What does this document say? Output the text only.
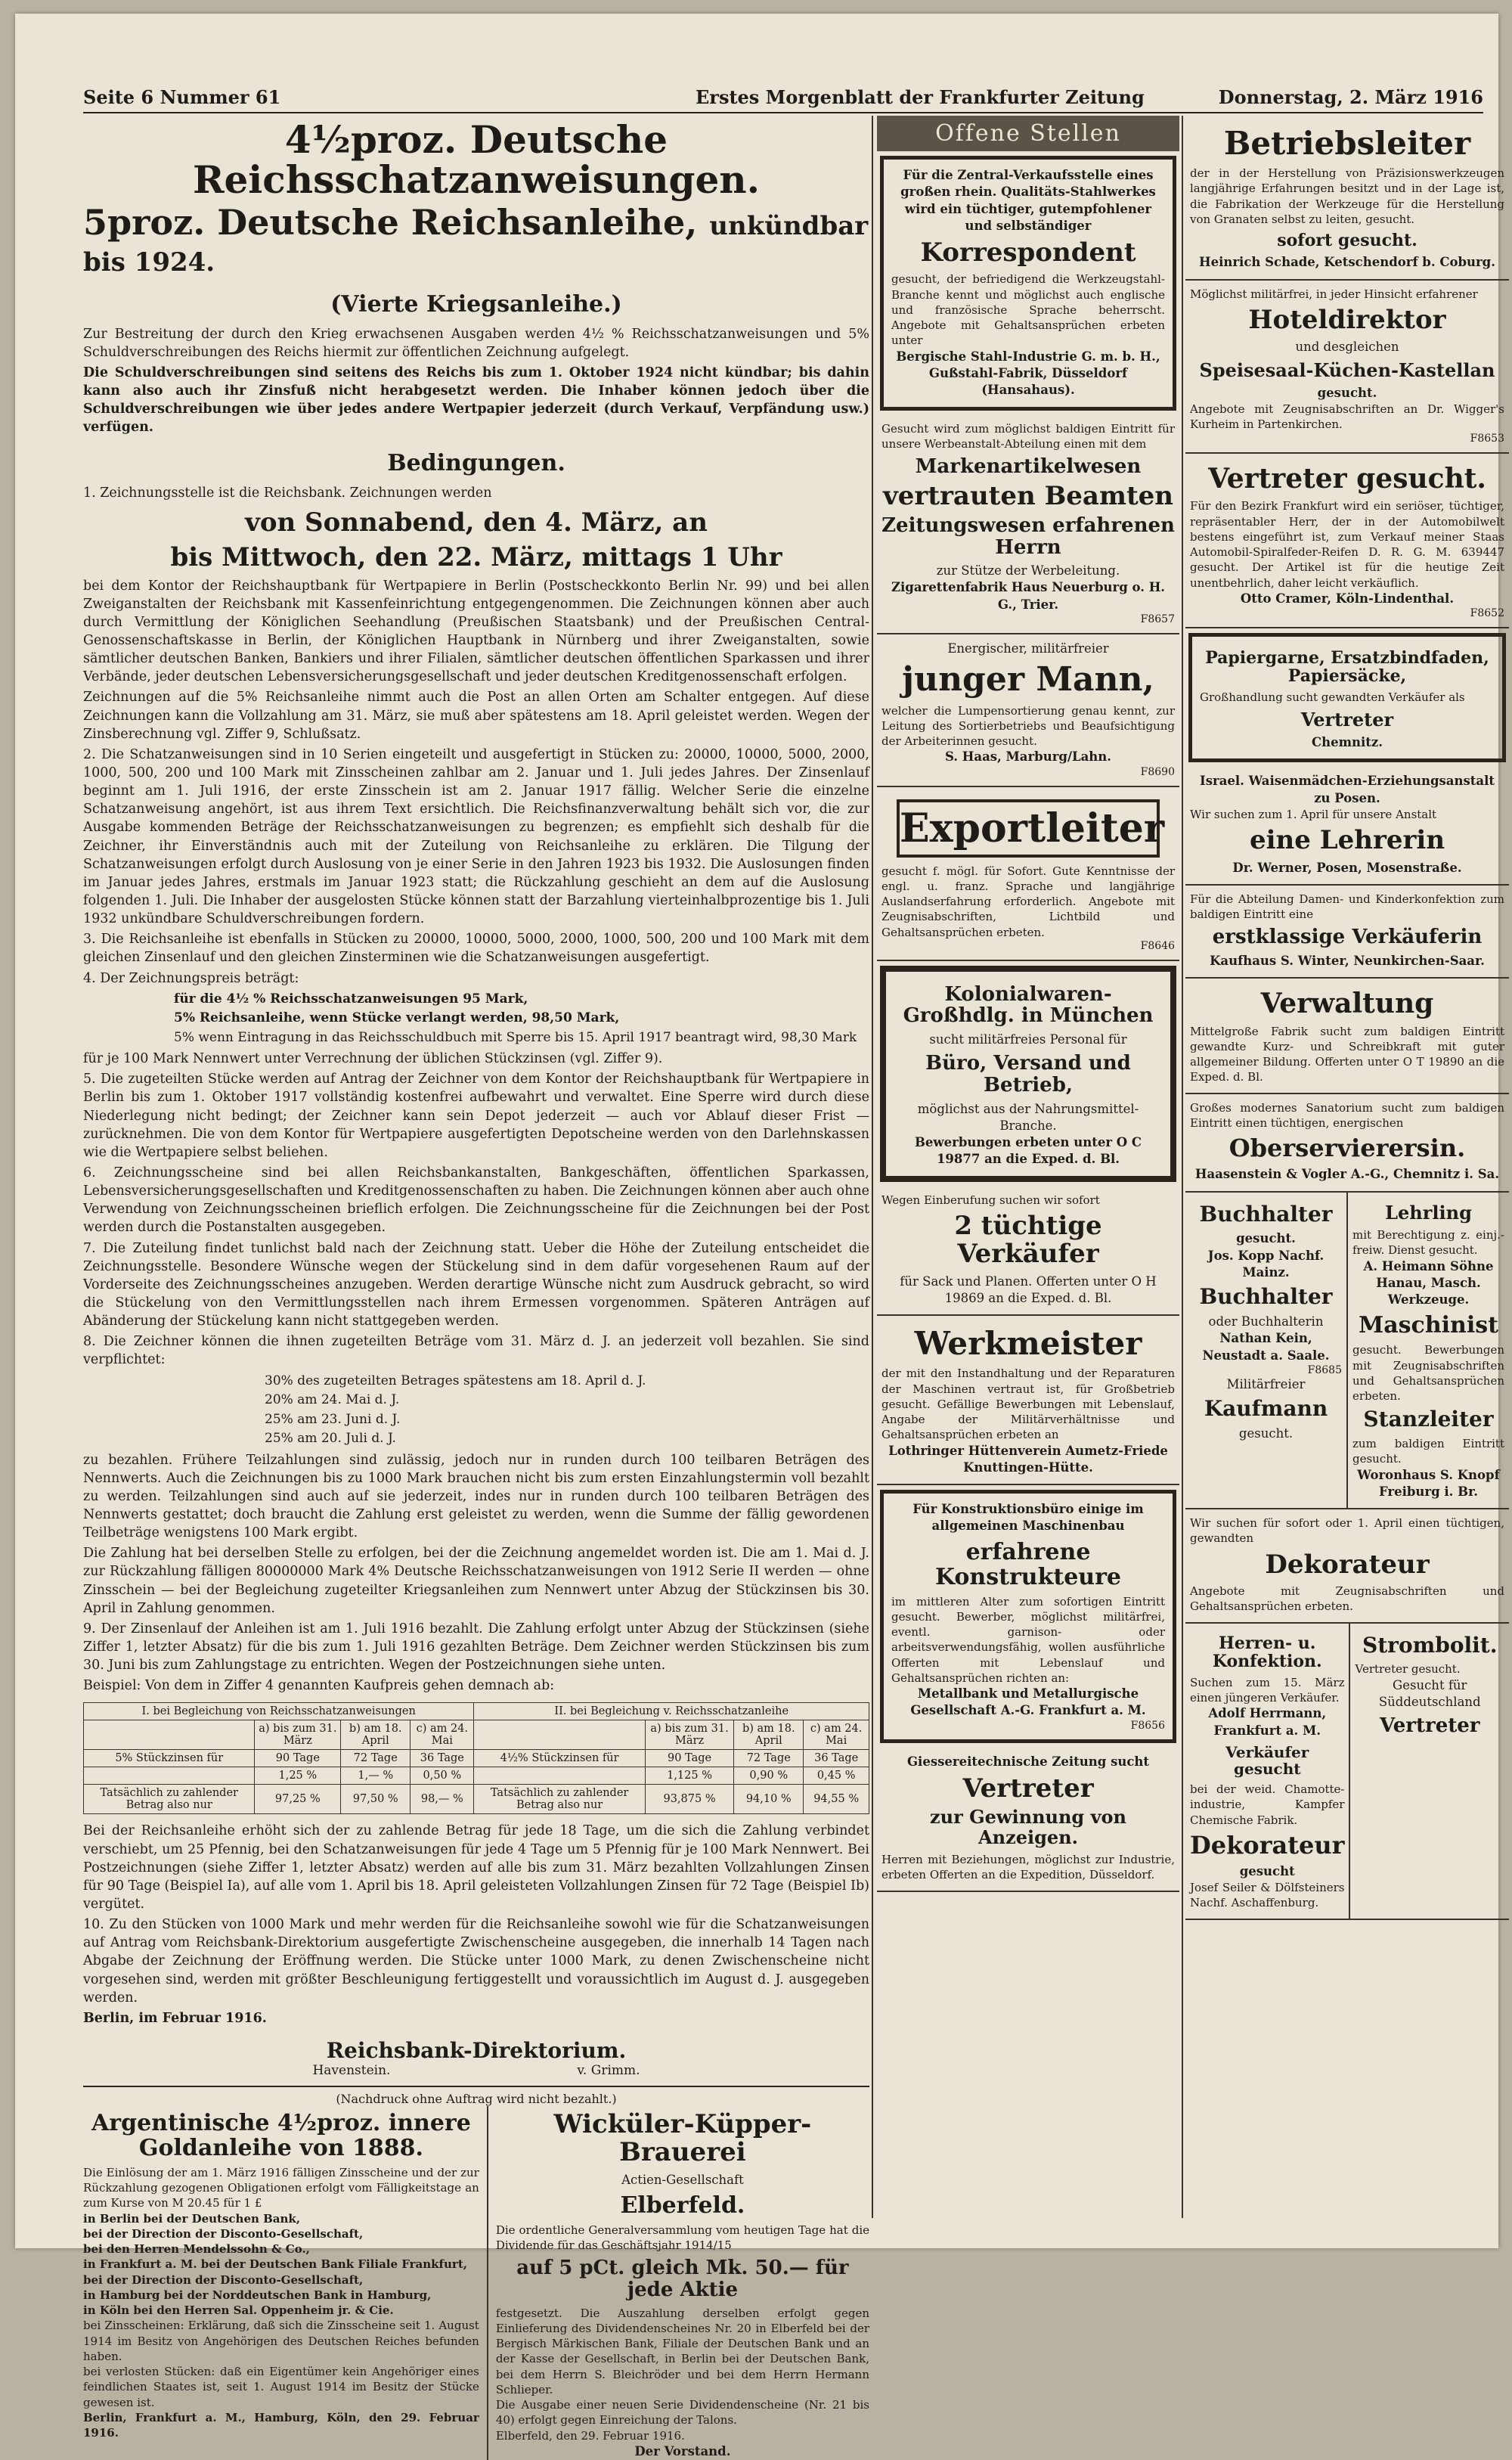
Seite 6 Nummer 61	Erstes Morgenblatt der Frankfurter Zeitung	Donnerstag, 2. März 1916
4½proz. Deutsche Reichsschatzanweisungen.
5proz. Deutsche Reichsanleihe, unkündbar bis 1924.
(Vierte Kriegsanleihe.)

Zur Bestreitung der durch den Krieg erwachsenen Ausgaben werden 4½ % Reichsschatzanweisungen und 5% Schuldverschreibungen des Reichs hiermit zur öffentlichen Zeichnung aufgelegt.

Die Schuldverschreibungen sind seitens des Reichs bis zum 1. Oktober 1924 nicht kündbar; bis dahin kann also auch ihr Zinsfuß nicht herabgesetzt werden. Die Inhaber können jedoch über die Schuldverschreibungen wie über jedes andere Wertpapier jederzeit (durch Verkauf, Verpfändung usw.) verfügen.

Bedingungen.

1. Zeichnungsstelle ist die Reichsbank. Zeichnungen werden

von Sonnabend, den 4. März, an
bis Mittwoch, den 22. März, mittags 1 Uhr

bei dem Kontor der Reichshauptbank für Wertpapiere in Berlin (Postscheckkonto Berlin Nr. 99) und bei allen Zweiganstalten der Reichsbank mit Kassenfeinrichtung entgegengenommen. Die Zeichnungen können aber auch durch Vermittlung der Königlichen Seehandlung (Preußischen Staatsbank) und der Preußischen Central-Genossenschaftskasse in Berlin, der Königlichen Hauptbank in Nürnberg und ihrer Zweiganstalten, sowie sämtlicher deutschen Banken, Bankiers und ihrer Filialen, sämtlicher deutschen öffentlichen Sparkassen und ihrer Verbände, jeder deutschen Lebensversicherungsgesellschaft und jeder deutschen Kreditgenossenschaft erfolgen.

Zeichnungen auf die 5% Reichsanleihe nimmt auch die Post an allen Orten am Schalter entgegen. Auf diese Zeichnungen kann die Vollzahlung am 31. März, sie muß aber spätestens am 18. April geleistet werden. Wegen der Zinsberechnung vgl. Ziffer 9, Schlußsatz.

2. Die Schatzanweisungen sind in 10 Serien eingeteilt und ausgefertigt in Stücken zu: 20000, 10000, 5000, 2000, 1000, 500, 200 und 100 Mark mit Zinsscheinen zahlbar am 2. Januar und 1. Juli jedes Jahres. Der Zinsenlauf beginnt am 1. Juli 1916, der erste Zinsschein ist am 2. Januar 1917 fällig. Welcher Serie die einzelne Schatzanweisung angehört, ist aus ihrem Text ersichtlich. Die Reichsfinanzverwaltung behält sich vor, die zur Ausgabe kommenden Beträge der Reichsschatzanweisungen zu begrenzen; es empfiehlt sich deshalb für die Zeichner, ihr Einverständnis auch mit der Zuteilung von Reichsanleihe zu erklären. Die Tilgung der Schatzanweisungen erfolgt durch Auslosung von je einer Serie in den Jahren 1923 bis 1932. Die Auslosungen finden im Januar jedes Jahres, erstmals im Januar 1923 statt; die Rückzahlung geschieht an dem auf die Auslosung folgenden 1. Juli. Die Inhaber der ausgelosten Stücke können statt der Barzahlung vierteinhalbprozentige bis 1. Juli 1932 unkündbare Schuldverschreibungen fordern.

3. Die Reichsanleihe ist ebenfalls in Stücken zu 20000, 10000, 5000, 2000, 1000, 500, 200 und 100 Mark mit dem gleichen Zinsenlauf und den gleichen Zinsterminen wie die Schatzanweisungen ausgefertigt.

4. Der Zeichnungspreis beträgt:

für die 4½ % Reichsschatzanweisungen 95 Mark,
5% Reichsanleihe, wenn Stücke verlangt werden, 98,50 Mark,
5% wenn Eintragung in das Reichsschuldbuch mit Sperre bis 15. April 1917 beantragt wird, 98,30 Mark

für je 100 Mark Nennwert unter Verrechnung der üblichen Stückzinsen (vgl. Ziffer 9).

5. Die zugeteilten Stücke werden auf Antrag der Zeichner von dem Kontor der Reichshauptbank für Wertpapiere in Berlin bis zum 1. Oktober 1917 vollständig kostenfrei aufbewahrt und verwaltet. Eine Sperre wird durch diese Niederlegung nicht bedingt; der Zeichner kann sein Depot jederzeit — auch vor Ablauf dieser Frist — zurücknehmen. Die von dem Kontor für Wertpapiere ausgefertigten Depotscheine werden von den Darlehnskassen wie die Wertpapiere selbst beliehen.

6. Zeichnungsscheine sind bei allen Reichsbankanstalten, Bankgeschäften, öffentlichen Sparkassen, Lebensversicherungsgesellschaften und Kreditgenossenschaften zu haben. Die Zeichnungen können aber auch ohne Verwendung von Zeichnungsscheinen brieflich erfolgen. Die Zeichnungsscheine für die Zeichnungen bei der Post werden durch die Postanstalten ausgegeben.

7. Die Zuteilung findet tunlichst bald nach der Zeichnung statt. Ueber die Höhe der Zuteilung entscheidet die Zeichnungsstelle. Besondere Wünsche wegen der Stückelung sind in dem dafür vorgesehenen Raum auf der Vorderseite des Zeichnungsscheines anzugeben. Werden derartige Wünsche nicht zum Ausdruck gebracht, so wird die Stückelung von den Vermittlungsstellen nach ihrem Ermessen vorgenommen. Späteren Anträgen auf Abänderung der Stückelung kann nicht stattgegeben werden.

8. Die Zeichner können die ihnen zugeteilten Beträge vom 31. März d. J. an jederzeit voll bezahlen. Sie sind verpflichtet:

30% des zugeteilten Betrages spätestens am 18. April d. J.
20% am 24. Mai d. J.
25% am 23. Juni d. J.
25% am 20. Juli d. J.

zu bezahlen. Frühere Teilzahlungen sind zulässig, jedoch nur in runden durch 100 teilbaren Beträgen des Nennwerts. Auch die Zeichnungen bis zu 1000 Mark brauchen nicht bis zum ersten Einzahlungstermin voll bezahlt zu werden. Teilzahlungen sind auch auf sie jederzeit, indes nur in runden durch 100 teilbaren Beträgen des Nennwerts gestattet; doch braucht die Zahlung erst geleistet zu werden, wenn die Summe der fällig gewordenen Teilbeträge wenigstens 100 Mark ergibt.

Die Zahlung hat bei derselben Stelle zu erfolgen, bei der die Zeichnung angemeldet worden ist. Die am 1. Mai d. J. zur Rückzahlung fälligen 80000000 Mark 4% Deutsche Reichsschatzanweisungen von 1912 Serie II werden — ohne Zinsschein — bei der Begleichung zugeteilter Kriegsanleihen zum Nennwert unter Abzug der Stückzinsen bis 30. April in Zahlung genommen.

9. Der Zinsenlauf der Anleihen ist am 1. Juli 1916 bezahlt. Die Zahlung erfolgt unter Abzug der Stückzinsen (siehe Ziffer 1, letzter Absatz) für die bis zum 1. Juli 1916 gezahlten Beträge. Dem Zeichner werden Stückzinsen bis zum 30. Juni bis zum Zahlungstage zu entrichten. Wegen der Postzeichnungen siehe unten.

Beispiel: Von dem in Ziffer 4 genannten Kaufpreis gehen demnach ab:

I. bei Begleichung von Reichsschatzanweisungen				II. bei Begleichung v. Reichsschatzanleihe			
	a) bis zum 31. März	b) am 18. April	c) am 24. Mai		a) bis zum 31. März	b) am 18. April	c) am 24. Mai
5% Stückzinsen für	90 Tage	72 Tage	36 Tage	4½% Stückzinsen für	90 Tage	72 Tage	36 Tage
	1,25 %	1,— %	0,50 %		1,125 %	0,90 %	0,45 %
Tatsächlich zu zahlender Betrag also nur	97,25 %	97,50 %	98,— %	Tatsächlich zu zahlender Betrag also nur	93,875 %	94,10 %	94,55 %

Bei der Reichsanleihe erhöht sich der zu zahlende Betrag für jede 18 Tage, um die sich die Zahlung verbindet verschiebt, um 25 Pfennig, bei den Schatzanweisungen für jede 4 Tage um 5 Pfennig für je 100 Mark Nennwert. Bei Postzeichnungen (siehe Ziffer 1, letzter Absatz) werden auf alle bis zum 31. März bezahlten Vollzahlungen Zinsen für 90 Tage (Beispiel Ia), auf alle vom 1. April bis 18. April geleisteten Vollzahlungen Zinsen für 72 Tage (Beispiel Ib) vergütet.

10. Zu den Stücken von 1000 Mark und mehr werden für die Reichsanleihe sowohl wie für die Schatzanweisungen auf Antrag vom Reichsbank-Direktorium ausgefertigte Zwischenscheine ausgegeben, die innerhalb 14 Tagen nach Abgabe der Zeichnung der Eröffnung werden. Die Stücke unter 1000 Mark, zu denen Zwischenscheine nicht vorgesehen sind, werden mit größter Beschleunigung fertiggestellt und voraussichtlich im August d. J. ausgegeben werden.

Berlin, im Februar 1916.

Reichsbank-Direktorium.
Havenstein.	v. Grimm.
(Nachdruck ohne Auftrag wird nicht bezahlt.)
Argentinische 4½proz. innere Goldanleihe von 1888.
Die Einlösung der am 1. März 1916 fälligen Zinsscheine und der zur Rückzahlung gezogenen Obligationen erfolgt vom Fälligkeitstage an zum Kurse von M 20.45 für 1 £
in Berlin bei der Deutschen Bank,
bei der Direction der Disconto-Gesellschaft,
bei den Herren Mendelssohn & Co.,
in Frankfurt a. M. bei der Deutschen Bank Filiale Frankfurt,
bei der Direction der Disconto-Gesellschaft,
in Hamburg bei der Norddeutschen Bank in Hamburg,
in Köln bei den Herren Sal. Oppenheim jr. & Cie.
bei Zinsscheinen: Erklärung, daß sich die Zinsscheine seit 1. August 1914 im Besitz von Angehörigen des Deutschen Reiches befunden haben.
bei verlosten Stücken: daß ein Eigentümer kein Angehöriger eines feindlichen Staates ist, seit 1. August 1914 im Besitz der Stücke gewesen ist.
Berlin, Frankfurt a. M., Hamburg, Köln, den 29. Februar 1916.
Wicküler-Küpper-Brauerei
Actien-Gesellschaft
Elberfeld.
Die ordentliche Generalversammlung vom heutigen Tage hat die Dividende für das Geschäftsjahr 1914/15
auf 5 pCt. gleich Mk. 50.— für jede Aktie
festgesetzt. Die Auszahlung derselben erfolgt gegen Einlieferung des Dividendenscheines Nr. 20 in Elberfeld bei der Bergisch Märkischen Bank, Filiale der Deutschen Bank und an der Kasse der Gesellschaft, in Berlin bei der Deutschen Bank, bei dem Herrn S. Bleichröder und bei dem Herrn Hermann Schlieper.
Die Ausgabe einer neuen Serie Dividendenscheine (Nr. 21 bis 40) erfolgt gegen Einreichung der Talons.
Elberfeld, den 29. Februar 1916.
Der Vorstand.
Offene Stellen
Für die Zentral-Verkaufsstelle eines großen rhein. Qualitäts-Stahlwerkes wird ein tüchtiger, gutempfohlener und selbständiger
Korrespondent
gesucht, der befriedigend die Werkzeugstahl-Branche kennt und möglichst auch englische und französische Sprache beherrscht. Angebote mit Gehaltsansprüchen erbeten unter
Bergische Stahl-Industrie G. m. b. H., Gußstahl-Fabrik, Düsseldorf (Hansahaus).
Gesucht wird zum möglichst baldigen Eintritt für unsere Werbeanstalt-Abteilung einen mit dem
Markenartikelwesen
vertrauten Beamten
Zeitungswesen erfahrenen Herrn
zur Stütze der Werbeleitung.
Zigarettenfabrik Haus Neuerburg o. H. G., Trier.
F8657
Energischer, militärfreier
junger Mann,
welcher die Lumpensortierung genau kennt, zur Leitung des Sortierbetriebs und Beaufsichtigung der Arbeiterinnen gesucht.
S. Haas, Marburg/Lahn.
F8690
Exportleiter
gesucht f. mögl. für Sofort. Gute Kenntnisse der engl. u. franz. Sprache und langjährige Auslandserfahrung erforderlich. Angebote mit Zeugnisabschriften, Lichtbild und Gehaltsansprüchen erbeten.
F8646
Kolonialwaren-Großhdlg. in München
sucht militärfreies Personal für
Büro, Versand und Betrieb,
möglichst aus der Nahrungsmittel-Branche.
Bewerbungen erbeten unter O C 19877 an die Exped. d. Bl.
Wegen Einberufung suchen wir sofort
2 tüchtige Verkäufer
für Sack und Planen. Offerten unter O H 19869 an die Exped. d. Bl.
Werkmeister
der mit den Instandhaltung und der Reparaturen der Maschinen vertraut ist, für Großbetrieb gesucht. Gefällige Bewerbungen mit Lebenslauf, Angabe der Militärverhältnisse und Gehaltsansprüchen erbeten an
Lothringer Hüttenverein Aumetz-Friede Knuttingen-Hütte.
Für Konstruktionsbüro einige im allgemeinen Maschinenbau
erfahrene Konstrukteure
im mittleren Alter zum sofortigen Eintritt gesucht. Bewerber, möglichst militärfrei, eventl. garnison- oder arbeitsverwendungsfähig, wollen ausführliche Offerten mit Lebenslauf und Gehaltsansprüchen richten an:
Metallbank und Metallurgische Gesellschaft A.-G. Frankfurt a. M.
F8656
Giessereitechnische Zeitung sucht
Vertreter
zur Gewinnung von Anzeigen.
Herren mit Beziehungen, möglichst zur Industrie, erbeten Offerten an die Expedition, Düsseldorf.
Betriebsleiter
der in der Herstellung von Präzisionswerkzeugen langjährige Erfahrungen besitzt und in der Lage ist, die Fabrikation der Werkzeuge für die Herstellung von Granaten selbst zu leiten, gesucht.
sofort gesucht.
Heinrich Schade, Ketschendorf b. Coburg.
Möglichst militärfrei, in jeder Hinsicht erfahrener
Hoteldirektor
und desgleichen
Speisesaal-Küchen-Kastellan
gesucht.
Angebote mit Zeugnisabschriften an Dr. Wigger's Kurheim in Partenkirchen.
F8653
Vertreter gesucht.
Für den Bezirk Frankfurt wird ein seriöser, tüchtiger, repräsentabler Herr, der in der Automobilwelt bestens eingeführt ist, zum Verkauf meiner Staas Automobil-Spiralfeder-Reifen D. R. G. M. 639447 gesucht. Der Artikel ist für die heutige Zeit unentbehrlich, daher leicht verkäuflich.
Otto Cramer, Köln-Lindenthal.
F8652
Papiergarne, Ersatzbindfaden, Papiersäcke,
Großhandlung sucht gewandten Verkäufer als
Vertreter
Chemnitz.
Israel. Waisenmädchen-Erziehungsanstalt zu Posen.
Wir suchen zum 1. April für unsere Anstalt
eine Lehrerin
Dr. Werner, Posen, Mosenstraße.
Für die Abteilung Damen- und Kinderkonfektion zum baldigen Eintritt eine
erstklassige Verkäuferin
Kaufhaus S. Winter, Neunkirchen-Saar.
Verwaltung
Mittelgroße Fabrik sucht zum baldigen Eintritt gewandte Kurz- und Schreibkraft mit guter allgemeiner Bildung. Offerten unter O T 19890 an die Exped. d. Bl.
Großes modernes Sanatorium sucht zum baldigen Eintritt einen tüchtigen, energischen
Oberservierersin.
Haasenstein & Vogler A.-G., Chemnitz i. Sa.
Buchhalter
gesucht.
Jos. Kopp Nachf. Mainz.
Buchhalter
oder Buchhalterin
Nathan Kein, Neustadt a. Saale.
F8685
Militärfreier
Kaufmann
gesucht.
Lehrling
mit Berechtigung z. einj.-freiw. Dienst gesucht.
A. Heimann Söhne Hanau, Masch. Werkzeuge.
Maschinist
gesucht. Bewerbungen mit Zeugnisabschriften und Gehaltsansprüchen erbeten.
Stanzleiter
zum baldigen Eintritt gesucht.
Woronhaus S. Knopf Freiburg i. Br.
Wir suchen für sofort oder 1. April einen tüchtigen, gewandten
Dekorateur
Angebote mit Zeugnisabschriften und Gehaltsansprüchen erbeten.
Herren- u. Konfektion.
Suchen zum 15. März einen jüngeren Verkäufer.
Adolf Herrmann, Frankfurt a. M.
Verkäufer gesucht
bei der weid. Chamotte-industrie, Kampfer Chemische Fabrik.
Dekorateur
gesucht
Josef Seiler & Dölfsteiners Nachf. Aschaffenburg.
Strombolit.
Vertreter gesucht.
Gesucht für Süddeutschland
Vertreter
